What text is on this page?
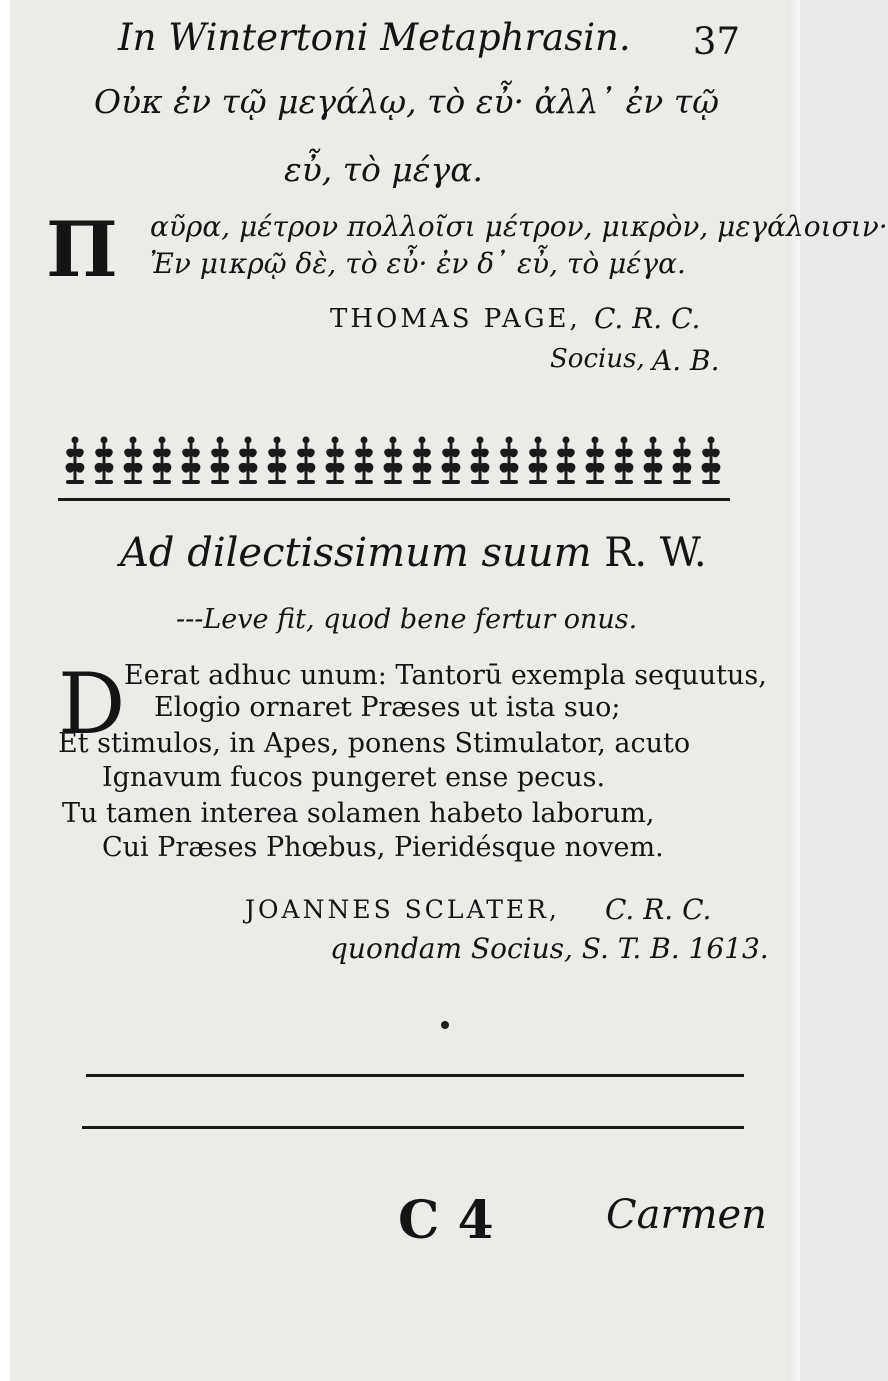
In Wintertoni Metaphrasin. 37
Οὐκ ἐν τῷ μεγάλῳ, τὸ εὖ· ἀλλ᾿ ἐν τῷ
εὖ, τὸ μέγα.
Π αῦρα, μέτρον πολλοῖσι μέτρον, μικρὸν, μεγάλοισιν·
Ἐν μικρῷ δὲ, τὸ εὖ· ἐν δ᾿ εὖ, τὸ μέγα.
THOMAS PAGE, C. R. C.
Socius, A. B.
Ad dilectissimum suum R. W.
---Leve fit, quod bene fertur onus.
D
Eerat adhuc unum: Tantorū exempla sequutus,
Elogio ornaret Præses ut ista suo;
Et stimulos, in Apes, ponens Stimulator, acuto
Ignavum fucos pungeret ense pecus.
Tu tamen interea solamen habeto laborum,
Cui Præses Phœbus, Pieridésque novem.
JOANNES SCLATER, C. R. C.
quondam Socius, S. T. B. 1613.
C 4	Carmen
